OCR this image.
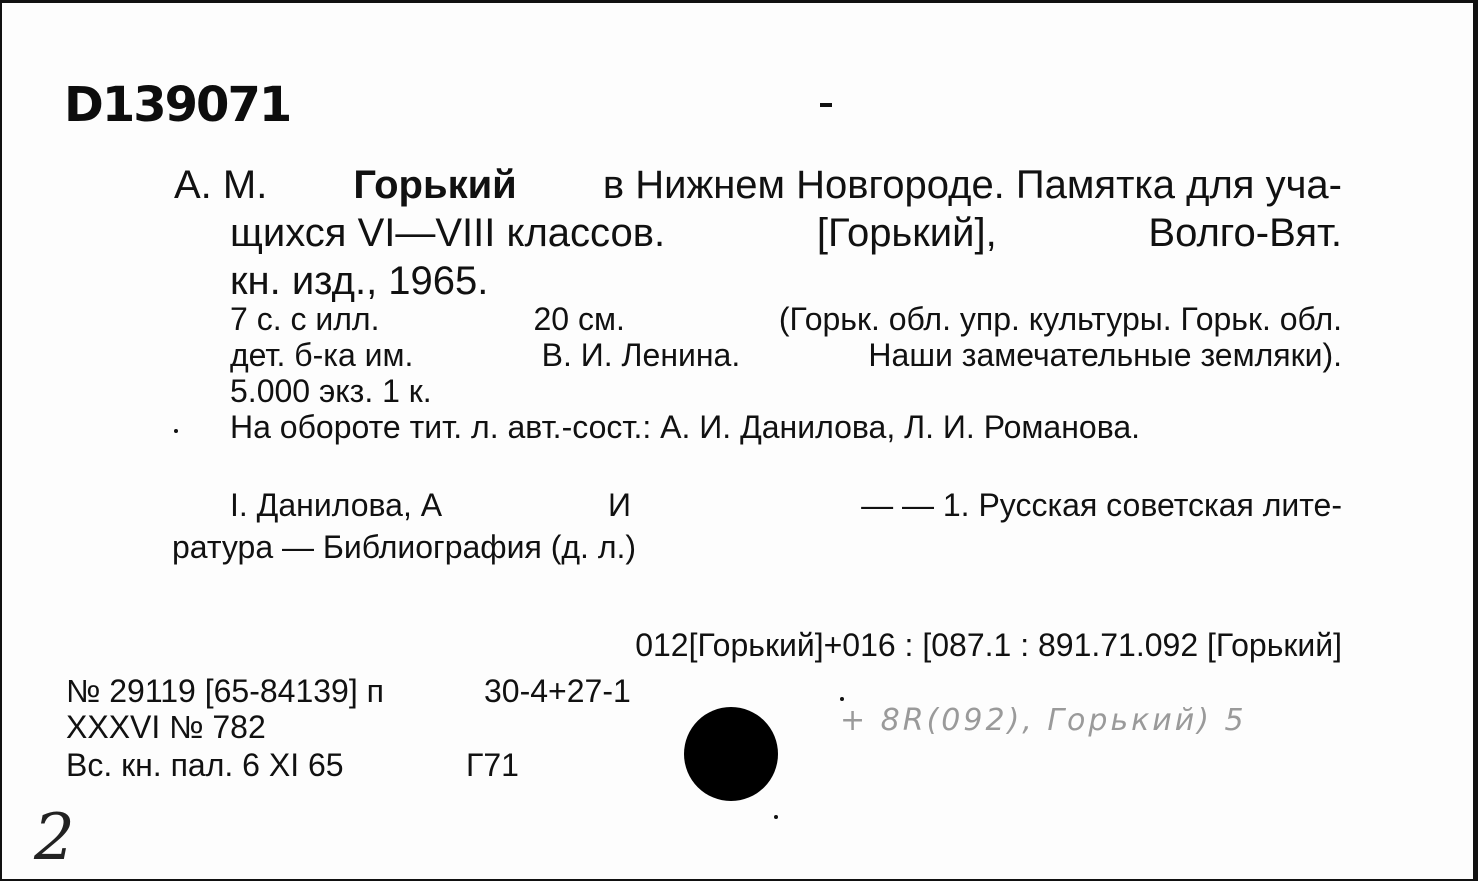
D139071
А. М. Горький в Нижнем Новгороде. Памятка для уча-
щихся VI—VIII классов.	[Горький],	Волго-Вят.
кн. изд., 1965.
7 с. с илл.	20 см.	(Горьк. обл. упр. культуры. Горьк. обл.
дет. б-ка им.	В. И. Ленина.	Наши замечательные земляки).
5.000 экз. 1 к.
На обороте тит. л. авт.-сост.: А. И. Данилова, Л. И. Романова.
I. Данилова, А	И	— — 1. Русская советская лите-
ратура — Библиография (д. л.)
012[Горький]+016 : [087.1 : 891.71.092 [Горький]
№ 29119 [65-84139] п
XXXVI № 782
Вс. кн. пал. 6 XI 65
30-4+27-1
Г71
+ 8R(092), Горький) 5
2
